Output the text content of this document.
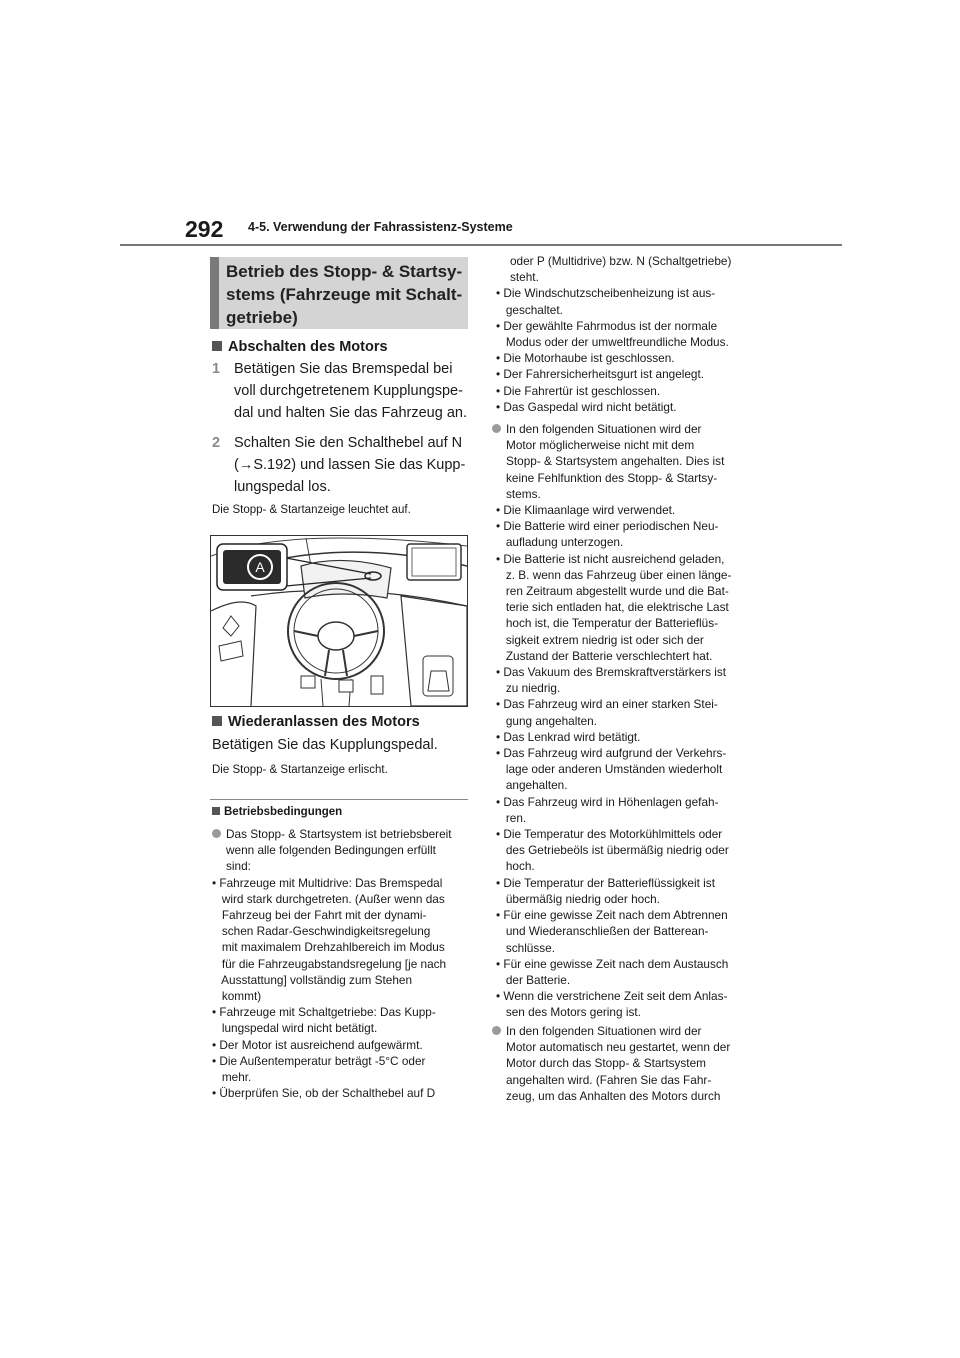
292 4-5. Verwendung der Fahrassistenz-Systeme
Betrieb des Stopp- & Startsy-
stems (Fahrzeuge mit Schalt-
getriebe)
Abschalten des Motors
1 Betätigen Sie das Bremspedal bei
voll durchgetretenem Kupplungspe-
dal und halten Sie das Fahrzeug an.
2 Schalten Sie den Schalthebel auf N
(→S.192) und lassen Sie das Kupp-
lungspedal los.
Die Stopp- & Startanzeige leuchtet auf.
A
Wiederanlassen des Motors
Betätigen Sie das Kupplungspedal.
Die Stopp- & Startanzeige erlischt.
Betriebsbedingungen
Das Stopp- & Startsystem ist betriebsbereit
wenn alle folgenden Bedingungen erfüllt
sind:
• Fahrzeuge mit Multidrive: Das Bremspedal
wird stark durchgetreten. (Außer wenn das
Fahrzeug bei der Fahrt mit der dynami-
schen Radar-Geschwindigkeitsregelung
mit maximalem Drehzahlbereich im Modus
für die Fahrzeugabstandsregelung [je nach
Ausstattung] vollständig zum Stehen
kommt)
• Fahrzeuge mit Schaltgetriebe: Das Kupp-
lungspedal wird nicht betätigt.
• Der Motor ist ausreichend aufgewärmt.
• Die Außentemperatur beträgt -5°C oder
mehr.
• Überprüfen Sie, ob der Schalthebel auf D
oder P (Multidrive) bzw. N (Schaltgetriebe)
steht.
• Die Windschutzscheibenheizung ist aus-
geschaltet.
• Der gewählte Fahrmodus ist der normale
Modus oder der umweltfreundliche Modus.
• Die Motorhaube ist geschlossen.
• Der Fahrersicherheitsgurt ist angelegt.
• Die Fahrertür ist geschlossen.
• Das Gaspedal wird nicht betätigt.
In den folgenden Situationen wird der
Motor möglicherweise nicht mit dem
Stopp- & Startsystem angehalten. Dies ist
keine Fehlfunktion des Stopp- & Startsy-
stems.
• Die Klimaanlage wird verwendet.
• Die Batterie wird einer periodischen Neu-
aufladung unterzogen.
• Die Batterie ist nicht ausreichend geladen,
z. B. wenn das Fahrzeug über einen länge-
ren Zeitraum abgestellt wurde und die Bat-
terie sich entladen hat, die elektrische Last
hoch ist, die Temperatur der Batterieflüs-
sigkeit extrem niedrig ist oder sich der
Zustand der Batterie verschlechtert hat.
• Das Vakuum des Bremskraftverstärkers ist
zu niedrig.
• Das Fahrzeug wird an einer starken Stei-
gung angehalten.
• Das Lenkrad wird betätigt.
• Das Fahrzeug wird aufgrund der Verkehrs-
lage oder anderen Umständen wiederholt
angehalten.
• Das Fahrzeug wird in Höhenlagen gefah-
ren.
• Die Temperatur des Motorkühlmittels oder
des Getriebeöls ist übermäßig niedrig oder
hoch.
• Die Temperatur der Batterieflüssigkeit ist
übermäßig niedrig oder hoch.
• Für eine gewisse Zeit nach dem Abtrennen
und Wiederanschließen der Batterean-
schlüsse.
• Für eine gewisse Zeit nach dem Austausch
der Batterie.
• Wenn die verstrichene Zeit seit dem Anlas-
sen des Motors gering ist.
In den folgenden Situationen wird der
Motor automatisch neu gestartet, wenn der
Motor durch das Stopp- & Startsystem
angehalten wird. (Fahren Sie das Fahr-
zeug, um das Anhalten des Motors durch
